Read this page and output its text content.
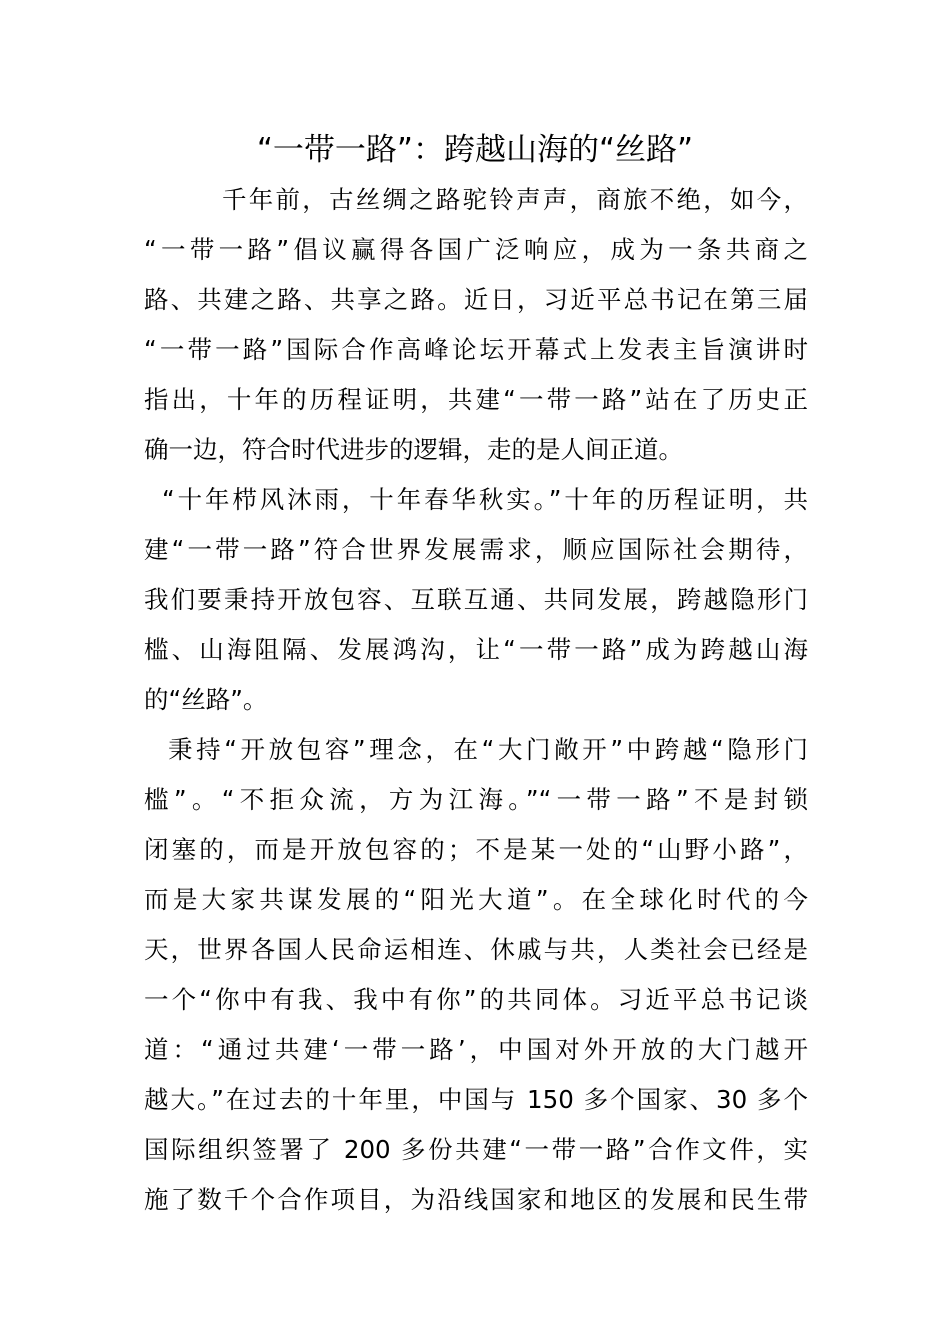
“一带一路”：跨越山海的“丝路”
千年前，古丝绸之路驼铃声声，商旅不绝，如今，
“一带一路”倡议赢得各国广泛响应，成为一条共商之
路、共建之路、共享之路。近日，习近平总书记在第三届
“一带一路”国际合作高峰论坛开幕式上发表主旨演讲时
指出，十年的历程证明，共建“一带一路”站在了历史正
确一边，符合时代进步的逻辑，走的是人间正道。
“十年栉风沐雨，十年春华秋实。”十年的历程证明，共
建“一带一路”符合世界发展需求，顺应国际社会期待，
我们要秉持开放包容、互联互通、共同发展，跨越隐形门
槛、山海阻隔、发展鸿沟，让“一带一路”成为跨越山海
的“丝路”。
秉持“开放包容”理念，在“大门敞开”中跨越“隐形门
槛”。“不拒众流，方为江海。”“一带一路”不是封锁
闭塞的，而是开放包容的；不是某一处的“山野小路”，
而是大家共谋发展的“阳光大道”。在全球化时代的今
天，世界各国人民命运相连、休戚与共，人类社会已经是
一个“你中有我、我中有你”的共同体。习近平总书记谈
道：“通过共建‘一带一路’，中国对外开放的大门越开
越大。”在过去的十年里，中国与 150 多个国家、30 多个
国际组织签署了 200 多份共建“一带一路”合作文件，实
施了数千个合作项目，为沿线国家和地区的发展和民生带
